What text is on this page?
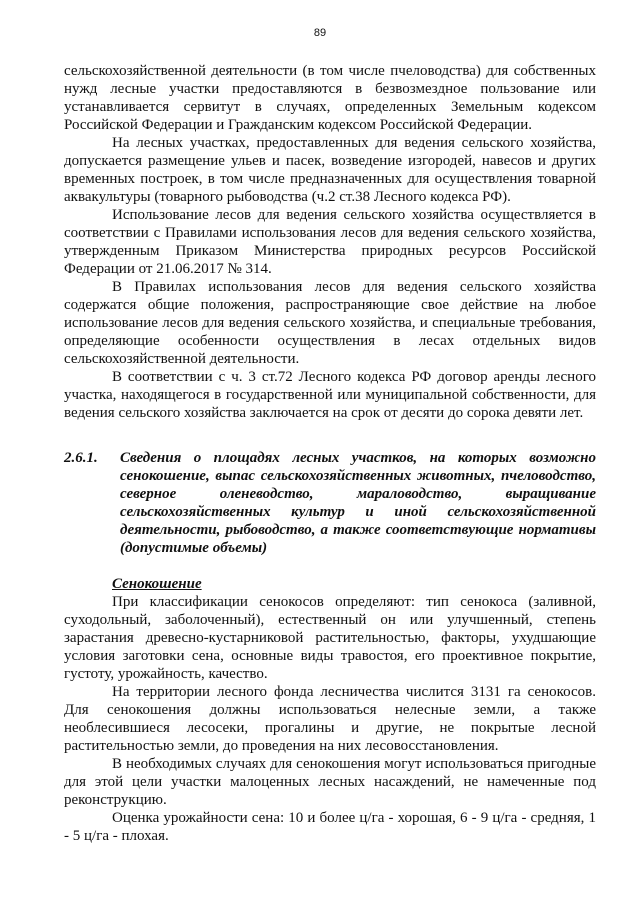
89

сельскохозяйственной деятельности (в том числе пчеловодства) для собственных нужд лесные участки предоставляются в безвозмездное пользование или устанавливается сервитут в случаях, определенных Земельным кодексом Российской Федерации и Гражданским кодексом Российской Федерации.

На лесных участках, предоставленных для ведения сельского хозяйства, допускается размещение ульев и пасек, возведение изгородей, навесов и других временных построек, в том числе предназначенных для осуществления товарной аквакультуры (товарного рыбоводства (ч.2 ст.38 Лесного кодекса РФ).

Использование лесов для ведения сельского хозяйства осуществляется в соответствии с Правилами использования лесов для ведения сельского хозяйства, утвержденным Приказом Министерства природных ресурсов Российской Федерации от 21.06.2017 № 314.

В Правилах использования лесов для ведения сельского хозяйства содержатся общие положения, распространяющие свое действие на любое использование лесов для ведения сельского хозяйства, и специальные требования, определяющие особенности осуществления в лесах отдельных видов сельскохозяйственной деятельности.

В соответствии с ч. 3 ст.72 Лесного кодекса РФ договор аренды лесного участка, находящегося в государственной или муниципальной собственности, для ведения сельского хозяйства заключается на срок от десяти до сорока девяти лет.

2.6.1.	Сведения о площадях лесных участков, на которых возможно сенокошение, выпас сельскохозяйственных животных, пчеловодство, северное оленеводство, мараловодство, выращивание сельскохозяйственных культур и иной сельскохозяйственной деятельности, рыбоводство, а также соответствующие нормативы (допустимые объемы)
Сенокошение

При классификации сенокосов определяют: тип сенокоса (заливной, суходольный, заболоченный), естественный он или улучшенный, степень зарастания древесно-кустарниковой растительностью, факторы, ухудшающие условия заготовки сена, основные виды травостоя, его проективное покрытие, густоту, урожайность, качество.

На территории лесного фонда лесничества числится 3131 га сенокосов. Для сенокошения должны использоваться нелесные земли, а также необлесившиеся лесосеки, прогалины и другие, не покрытые лесной растительностью земли, до проведения на них лесовосстановления.

В необходимых случаях для сенокошения могут использоваться пригодные для этой цели участки малоценных лесных насаждений, не намеченные под реконструкцию.

Оценка урожайности сена: 10 и более ц/га - хорошая, 6 - 9 ц/га - средняя, 1 - 5 ц/га - плохая.
